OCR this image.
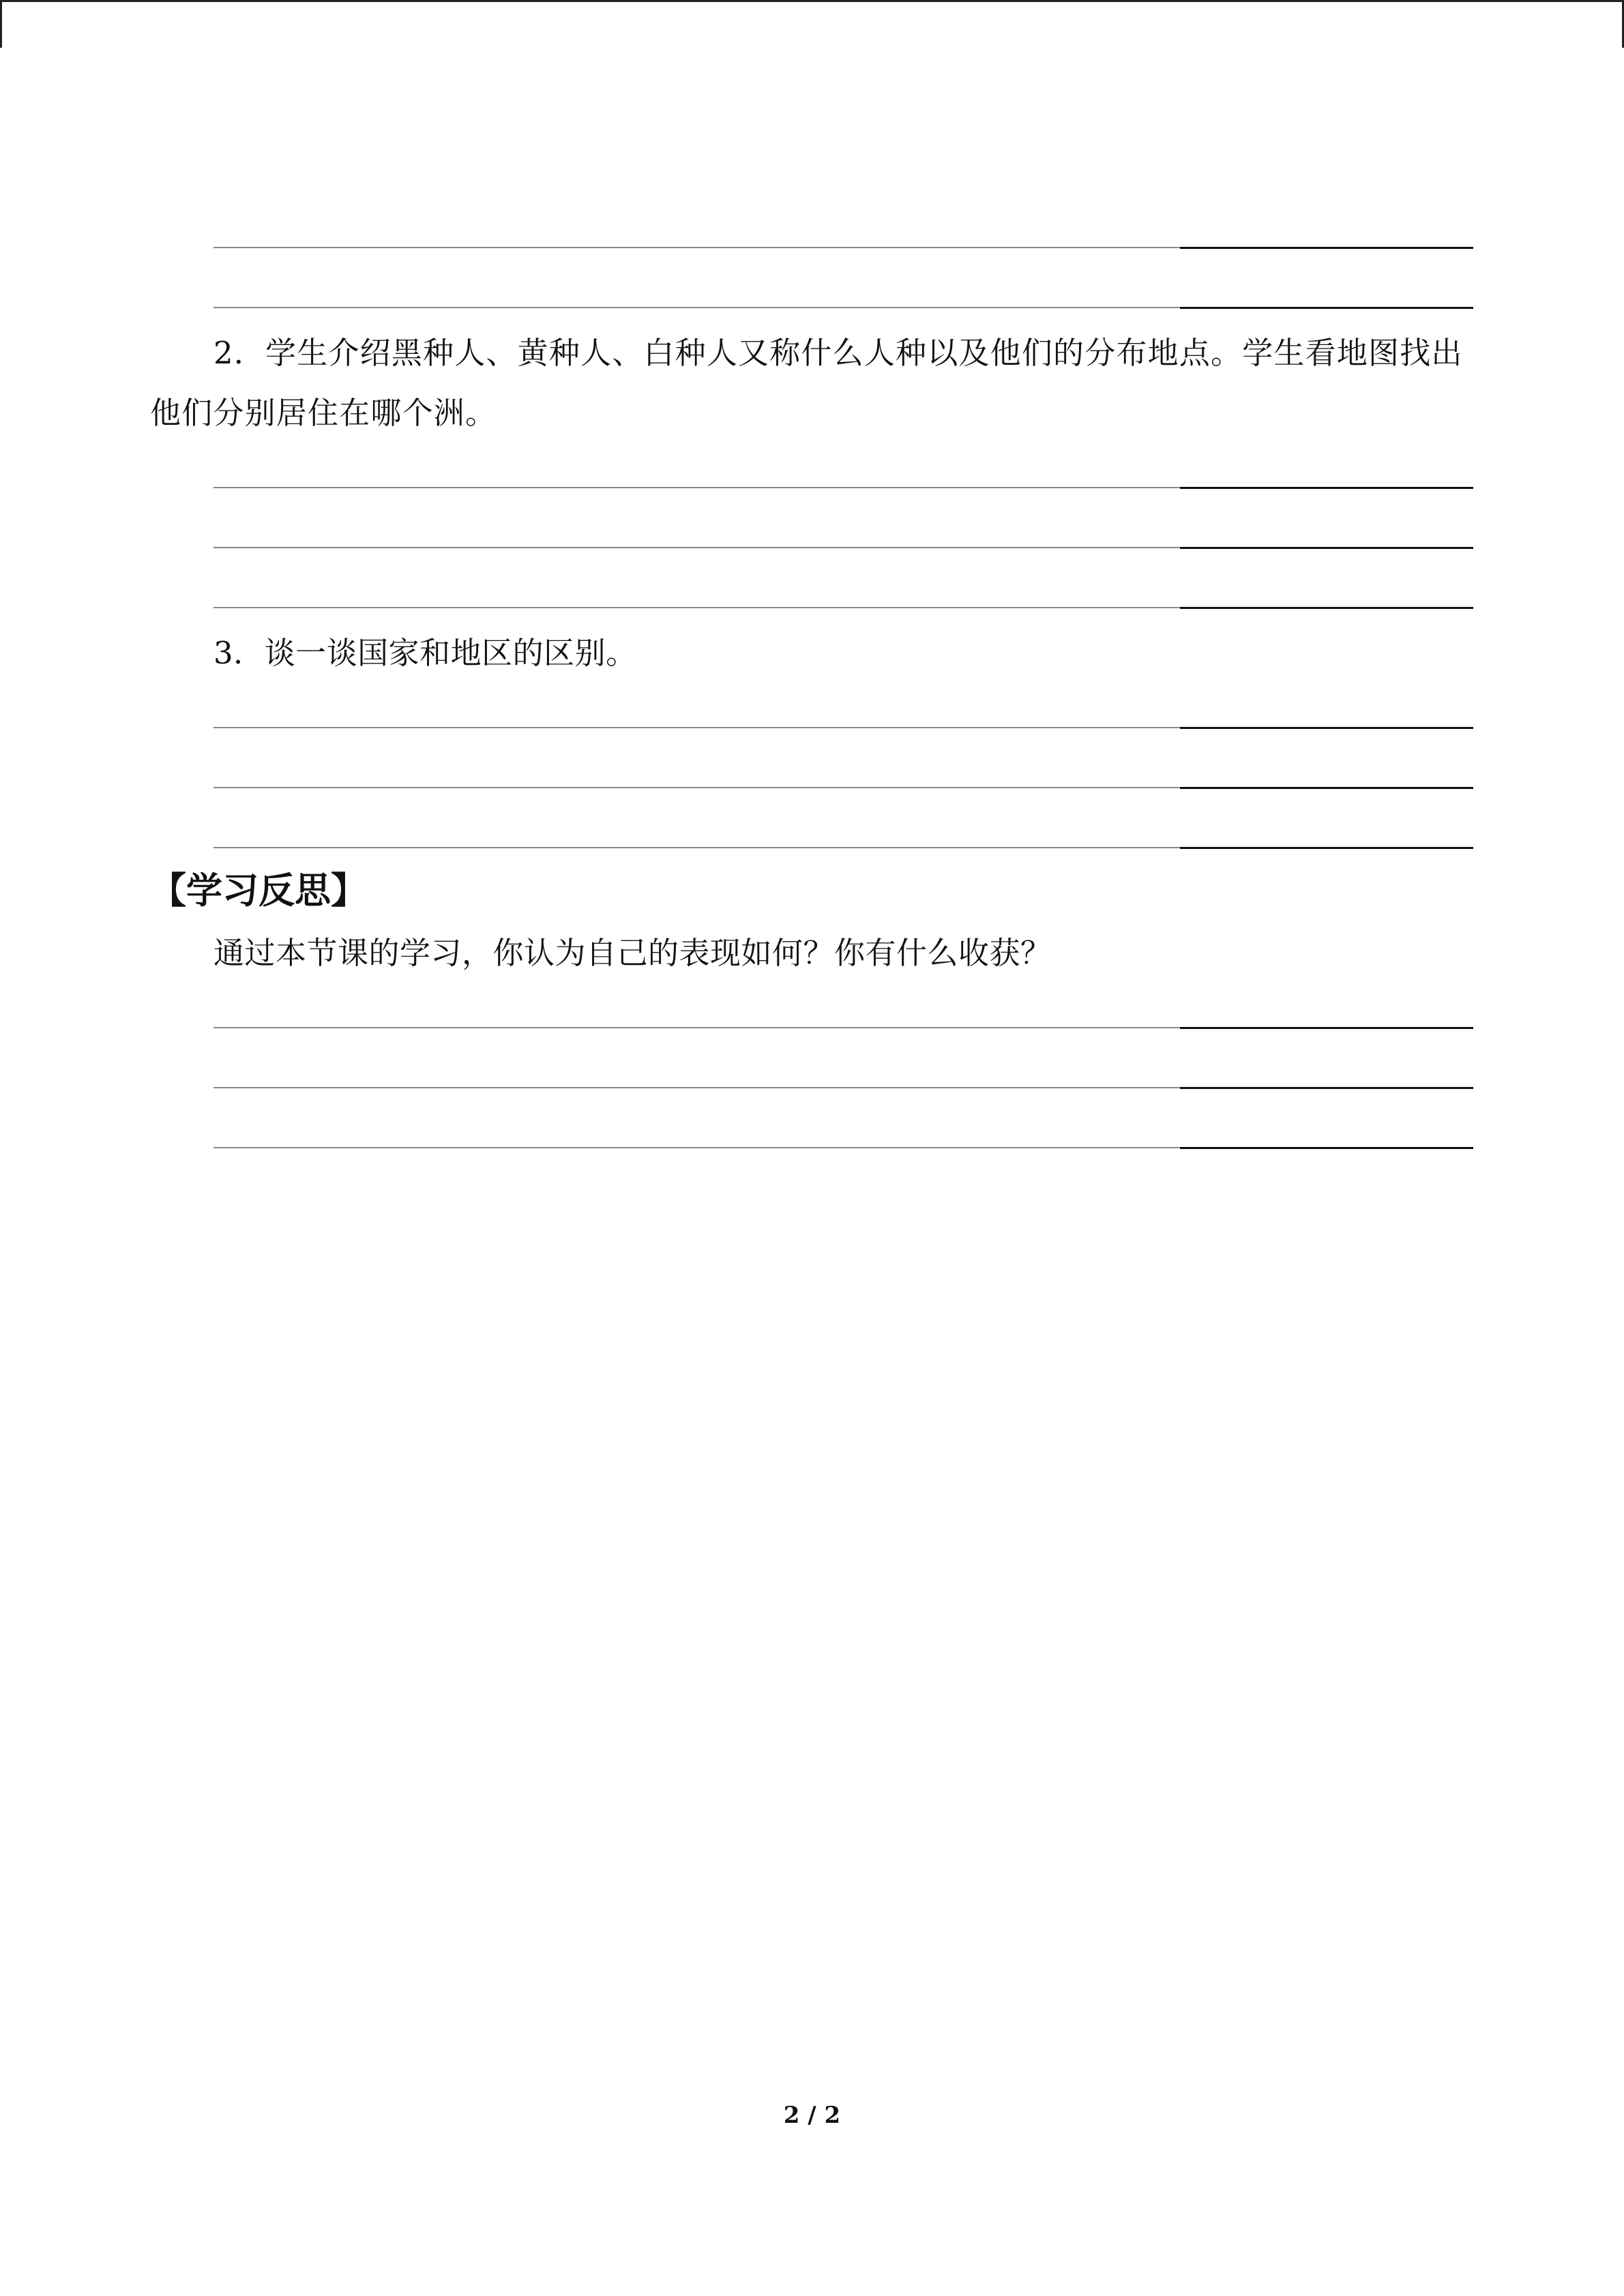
2．学生介绍黑种人、黄种人、白种人又称什么人种以及他们的分布地点。学生看地图找出他们分别居住在哪个洲。
3．谈一谈国家和地区的区别。
【学习反思】
通过本节课的学习，你认为自己的表现如何？你有什么收获？
2 / 2
